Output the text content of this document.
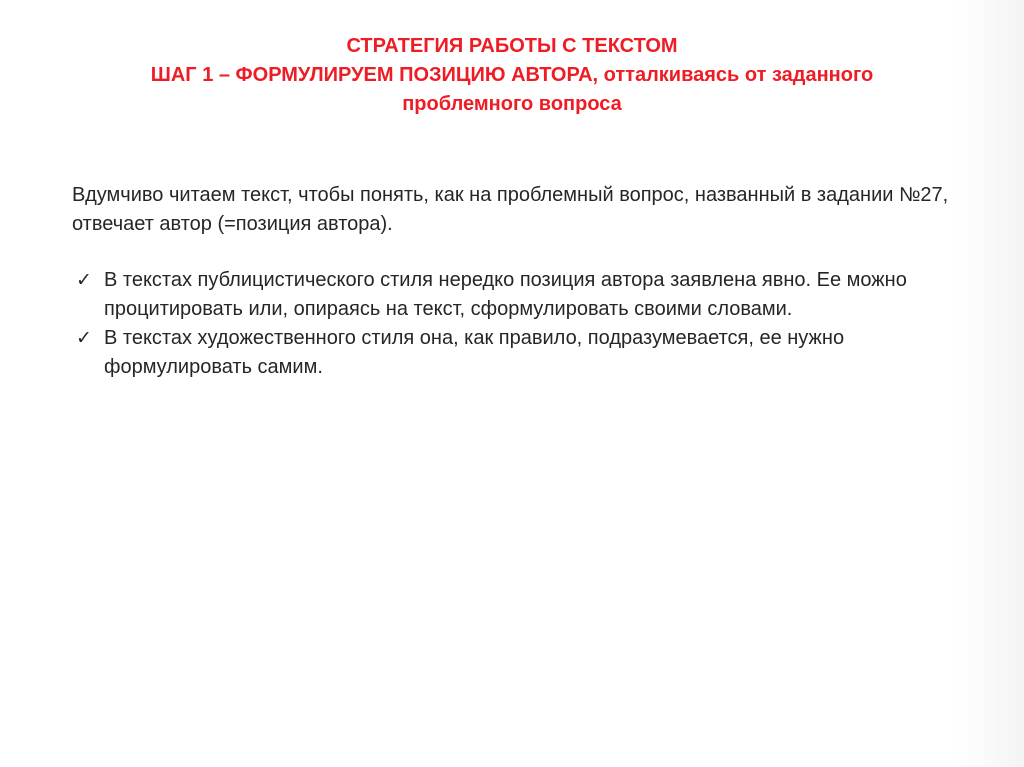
СТРАТЕГИЯ РАБОТЫ С ТЕКСТОМ
ШАГ 1 – ФОРМУЛИРУЕМ ПОЗИЦИЮ АВТОРА, отталкиваясь от заданного
проблемного вопроса

Вдумчиво читаем текст, чтобы понять, как на проблемный вопрос, названный в задании №27, отвечает автор (=позиция автора).

✓ В текстах публицистического стиля нередко позиция автора заявлена явно. Ее можно процитировать или, опираясь на текст, сформулировать своими словами.
✓ В текстах художественного стиля она, как правило, подразумевается, ее нужно формулировать самим.
